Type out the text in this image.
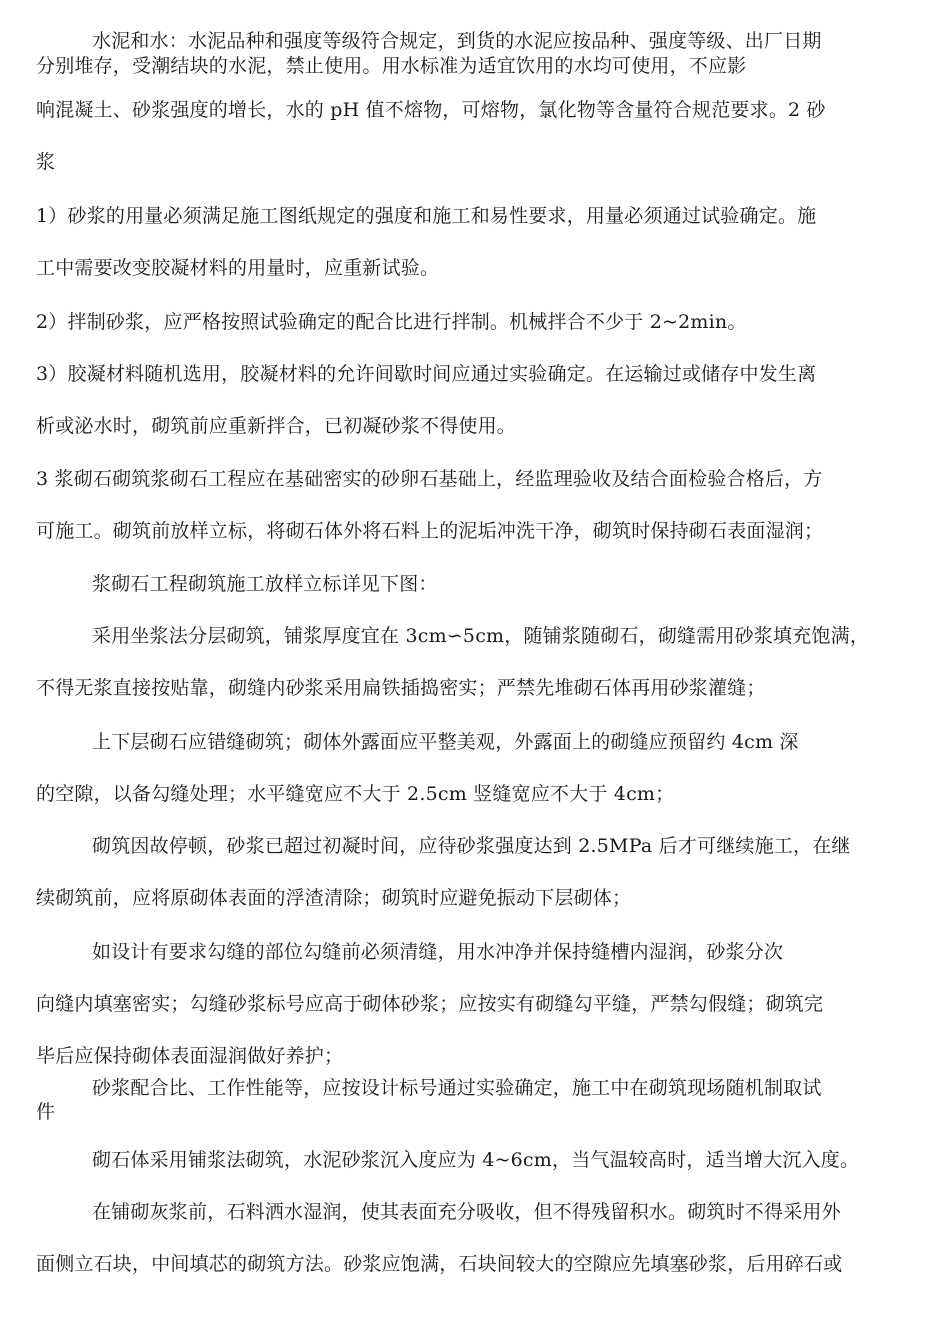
水泥和水：水泥品种和强度等级符合规定，到货的水泥应按品种、强度等级、出厂日期
分别堆存，受潮结块的水泥，禁止使用。用水标准为适宜饮用的水均可使用，不应影
响混凝土、砂浆强度的增长，水的 pH 值不熔物，可熔物，氯化物等含量符合规范要求。2 砂
浆
1）砂浆的用量必须满足施工图纸规定的强度和施工和易性要求，用量必须通过试验确定。施
工中需要改变胶凝材料的用量时，应重新试验。
2）拌制砂浆，应严格按照试验确定的配合比进行拌制。机械拌合不少于 2~2min。
3）胶凝材料随机选用，胶凝材料的允许间歇时间应通过实验确定。在运输过或储存中发生离
析或泌水时，砌筑前应重新拌合，已初凝砂浆不得使用。
3 浆砌石砌筑浆砌石工程应在基础密实的砂卵石基础上，经监理验收及结合面检验合格后，方
可施工。砌筑前放样立标，将砌石体外将石料上的泥垢冲洗干净，砌筑时保持砌石表面湿润；
浆砌石工程砌筑施工放样立标详见下图：
采用坐浆法分层砌筑，铺浆厚度宜在 3cm∽5cm，随铺浆随砌石，砌缝需用砂浆填充饱满，
不得无浆直接按贴靠，砌缝内砂浆采用扁铁插捣密实；严禁先堆砌石体再用砂浆灌缝；
上下层砌石应错缝砌筑；砌体外露面应平整美观，外露面上的砌缝应预留约 4cm 深
的空隙，以备勾缝处理；水平缝宽应不大于 2.5cm 竖缝宽应不大于 4cm；
砌筑因故停顿，砂浆已超过初凝时间，应待砂浆强度达到 2.5MPa 后才可继续施工，在继
续砌筑前，应将原砌体表面的浮渣清除；砌筑时应避免振动下层砌体；
如设计有要求勾缝的部位勾缝前必须清缝，用水冲净并保持缝槽内湿润，砂浆分次
向缝内填塞密实；勾缝砂浆标号应高于砌体砂浆；应按实有砌缝勾平缝，严禁勾假缝；砌筑完
毕后应保持砌体表面湿润做好养护；
砂浆配合比、工作性能等，应按设计标号通过实验确定，施工中在砌筑现场随机制取试
件
砌石体采用铺浆法砌筑，水泥砂浆沉入度应为 4~6cm，当气温较高时，适当增大沉入度。
在铺砌灰浆前，石料洒水湿润，使其表面充分吸收，但不得残留积水。砌筑时不得采用外
面侧立石块，中间填芯的砌筑方法。砂浆应饱满，石块间较大的空隙应先填塞砂浆，后用碎石或
